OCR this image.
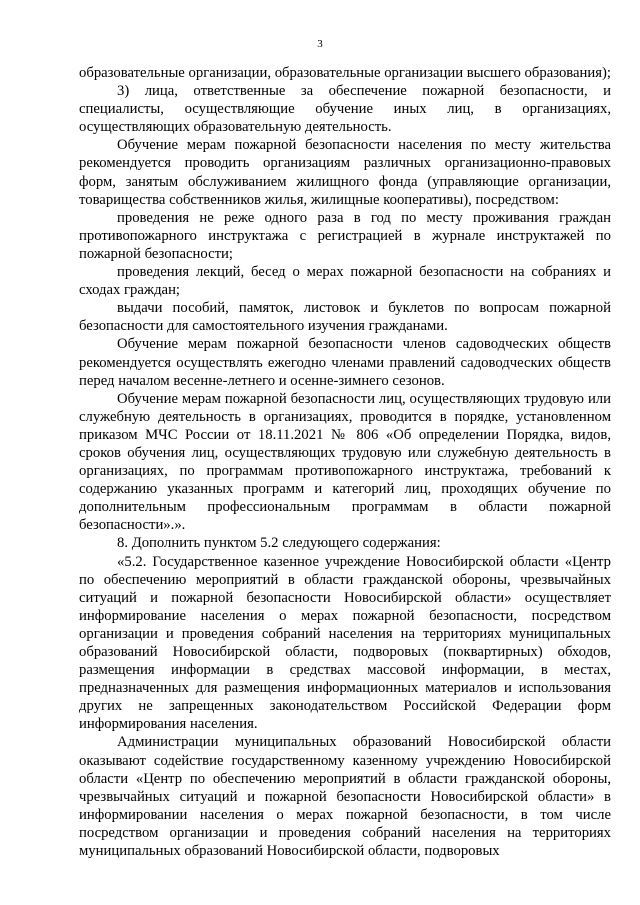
3

образовательные организации, образовательные организации высшего образования);

3) лица, ответственные за обеспечение пожарной безопасности, и специалисты, осуществляющие обучение иных лиц, в организациях, осуществляющих образовательную деятельность.

Обучение мерам пожарной безопасности населения по месту жительства рекомендуется проводить организациям различных организационно-правовых форм, занятым обслуживанием жилищного фонда (управляющие организации, товарищества собственников жилья, жилищные кооперативы), посредством:

проведения не реже одного раза в год по месту проживания граждан противопожарного инструктажа с регистрацией в журнале инструктажей по пожарной безопасности;

проведения лекций, бесед о мерах пожарной безопасности на собраниях и сходах граждан;

выдачи пособий, памяток, листовок и буклетов по вопросам пожарной безопасности для самостоятельного изучения гражданами.

Обучение мерам пожарной безопасности членов садоводческих обществ рекомендуется осуществлять ежегодно членами правлений садоводческих обществ перед началом весенне-летнего и осенне-зимнего сезонов.

Обучение мерам пожарной безопасности лиц, осуществляющих трудовую или служебную деятельность в организациях, проводится в порядке, установленном приказом МЧС России от 18.11.2021 № 806 «Об определении Порядка, видов, сроков обучения лиц, осуществляющих трудовую или служебную деятельность в организациях, по программам противопожарного инструктажа, требований к содержанию указанных программ и категорий лиц, проходящих обучение по дополнительным профессиональным программам в области пожарной безопасности».».

8. Дополнить пунктом 5.2 следующего содержания:

«5.2. Государственное казенное учреждение Новосибирской области «Центр по обеспечению мероприятий в области гражданской обороны, чрезвычайных ситуаций и пожарной безопасности Новосибирской области» осуществляет информирование населения о мерах пожарной безопасности, посредством организации и проведения собраний населения на территориях муниципальных образований Новосибирской области, подворовых (поквартирных) обходов, размещения информации в средствах массовой информации, в местах, предназначенных для размещения информационных материалов и использования других не запрещенных законодательством Российской Федерации форм информирования населения.

Администрации муниципальных образований Новосибирской области оказывают содействие государственному казенному учреждению Новосибирской области «Центр по обеспечению мероприятий в области гражданской обороны, чрезвычайных ситуаций и пожарной безопасности Новосибирской области» в информировании населения о мерах пожарной безопасности, в том числе посредством организации и проведения собраний населения на территориях муниципальных образований Новосибирской области, подворовых
